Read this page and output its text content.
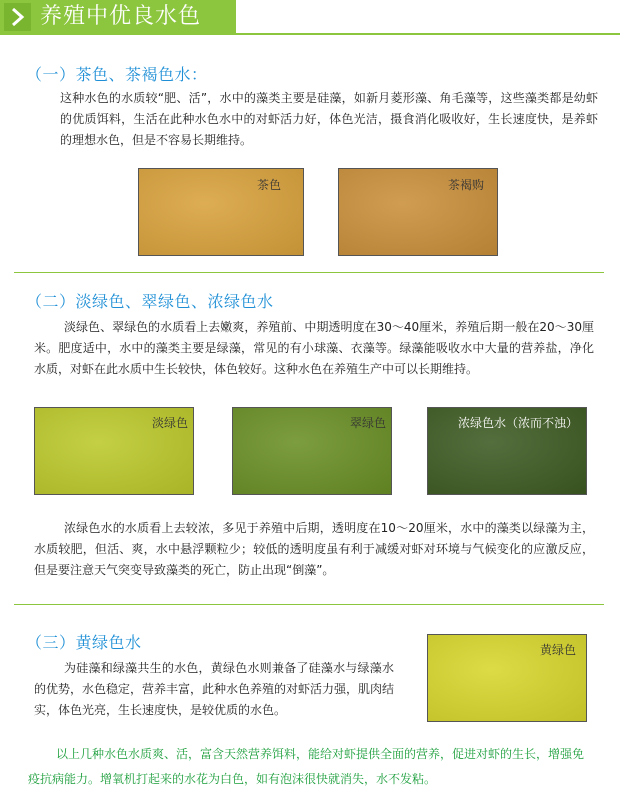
养殖中优良水色
（一）茶色、茶褐色水：
这种水色的水质较“肥、活”，水中的藻类主要是硅藻，如新月菱形藻、角毛藻等，这些藻类都是幼虾的优质饵料，生活在此种水色水中的对虾活力好，体色光洁，摄食消化吸收好，生长速度快，是养虾的理想水色，但是不容易长期维持。
茶色	茶褐购
（二）淡绿色、翠绿色、浓绿色水
淡绿色、翠绿色的水质看上去嫩爽，养殖前、中期透明度在30～40厘米，养殖后期一般在20～30厘米。肥度适中，水中的藻类主要是绿藻，常见的有小球藻、衣藻等。绿藻能吸收水中大量的营养盐，净化水质，对虾在此水质中生长较快，体色较好。这种水色在养殖生产中可以长期维持。
淡绿色	翠绿色	浓绿色水（浓而不浊）
浓绿色水的水质看上去较浓，多见于养殖中后期，透明度在10～20厘米，水中的藻类以绿藻为主，水质较肥，但活、爽，水中悬浮颗粒少；较低的透明度虽有利于减缓对虾对环境与气候变化的应激反应，但是要注意天气突变导致藻类的死亡，防止出现“倒藻”。
（三）黄绿色水
为硅藻和绿藻共生的水色，黄绿色水则兼备了硅藻水与绿藻水的优势，水色稳定，营养丰富，此种水色养殖的对虾活力强，肌肉结实，体色光亮，生长速度快，是较优质的水色。
黄绿色
以上几种水色水质爽、活，富含天然营养饵料，能给对虾提供全面的营养，促进对虾的生长，增强免疫抗病能力。增氧机打起来的水花为白色，如有泡沫很快就消失，水不发粘。
